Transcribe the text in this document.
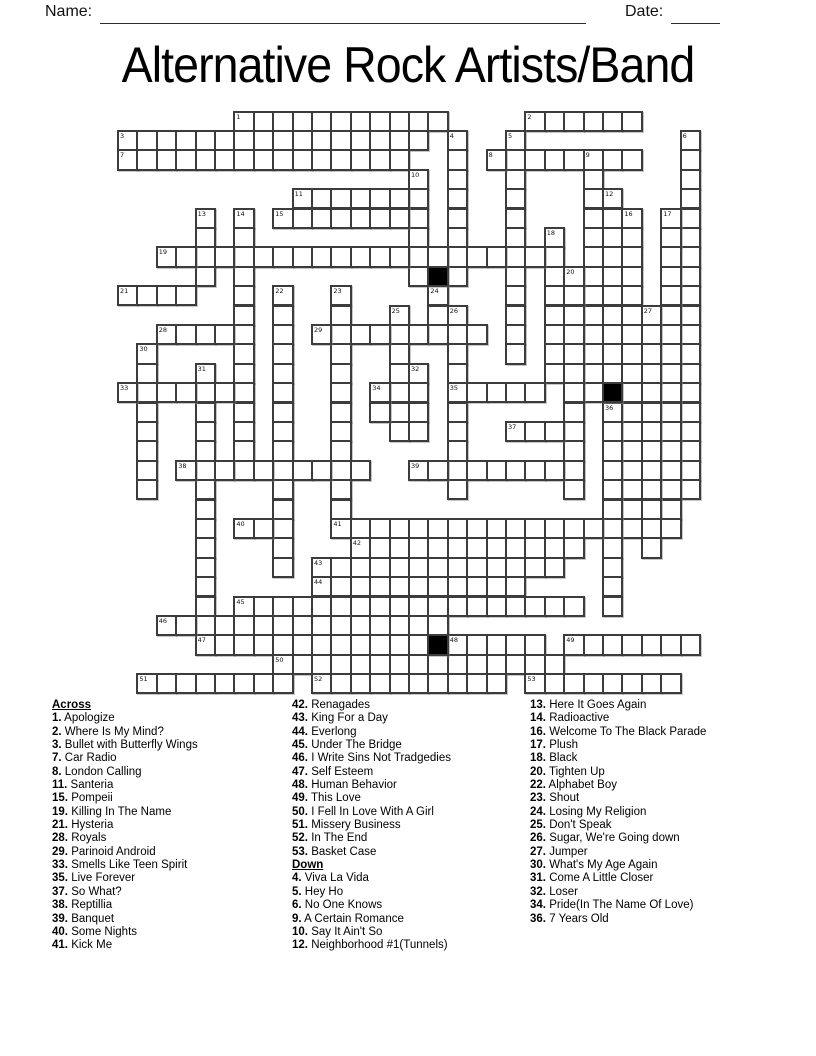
Name:	Date:
Alternative Rock Artists/Band
1	2
3	4	5	6
7	8	9
10
11	12
13	14	15	16	17
18
19
20
21	22	23
41
24
25	26
35
27
28	29
30
31
47
32
33	34
36
37
38	39
40
42
43
44
45
46
48	49
50
51	52	53
Across
1. Apologize
2. Where Is My Mind?
3. Bullet with Butterfly Wings
7. Car Radio
8. London Calling
11. Santeria
15. Pompeii
19. Killing In The Name
21. Hysteria
28. Royals
29. Parinoid Android
33. Smells Like Teen Spirit
35. Live Forever
37. So What?
38. Reptillia
39. Banquet
40. Some Nights
41. Kick Me
42. Renagades
43. King For a Day
44. Everlong
45. Under The Bridge
46. I Write Sins Not Tradgedies
47. Self Esteem
48. Human Behavior
49. This Love
50. I Fell In Love With A Girl
51. Missery Business
52. In The End
53. Basket Case
Down
4. Viva La Vida
5. Hey Ho
6. No One Knows
9. A Certain Romance
10. Say It Ain't So
12. Neighborhood #1(Tunnels)
13. Here It Goes Again
14. Radioactive
16. Welcome To The Black Parade
17. Plush
18. Black
20. Tighten Up
22. Alphabet Boy
23. Shout
24. Losing My Religion
25. Don't Speak
26. Sugar, We're Going down
27. Jumper
30. What's My Age Again
31. Come A Little Closer
32. Loser
34. Pride(In The Name Of Love)
36. 7 Years Old
